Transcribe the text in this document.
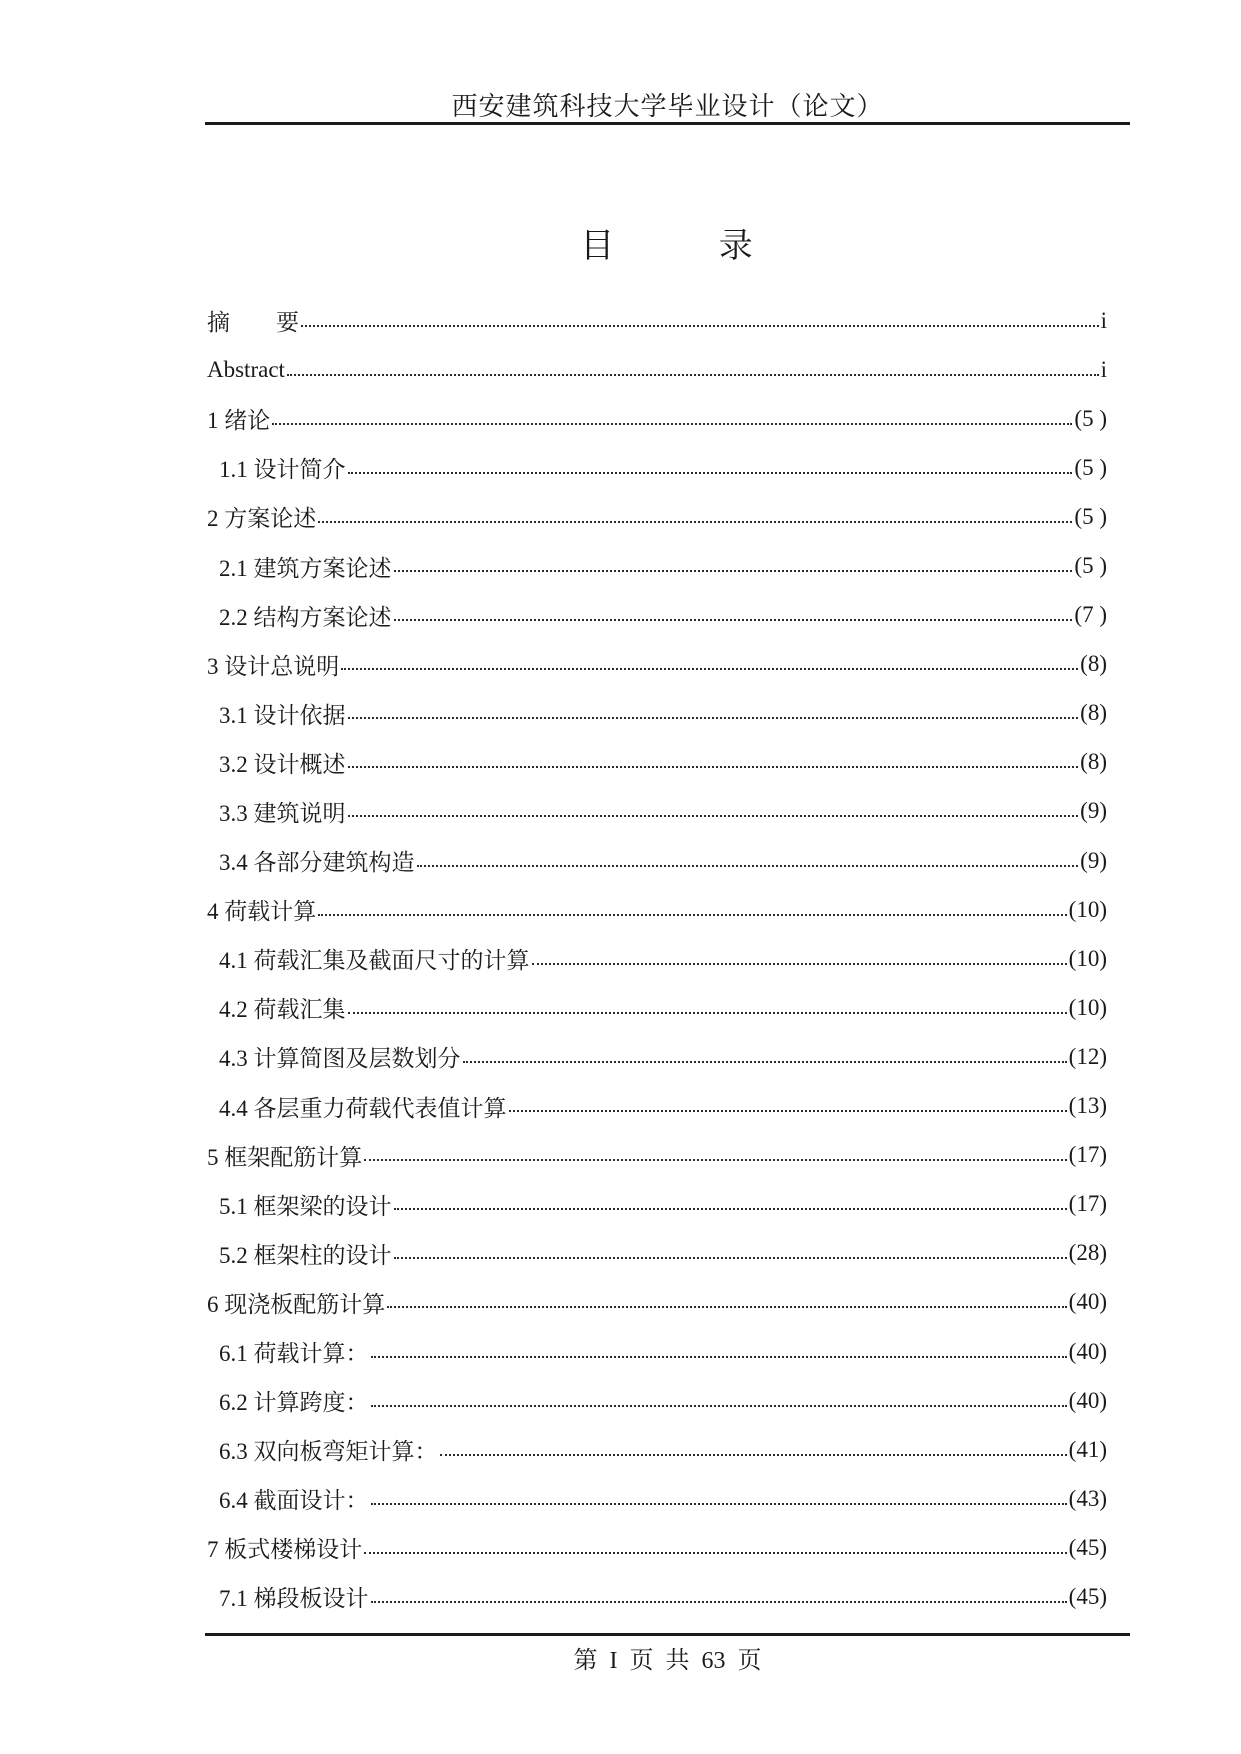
西安建筑科技大学毕业设计（论文）
目　 录
摘　　要	i
Abstract	i
1 绪论	(5 )
1.1 设计简介	(5 )
2 方案论述	(5 )
2.1 建筑方案论述	(5 )
2.2 结构方案论述	(7 )
3 设计总说明	(8)
3.1 设计依据	(8)
3.2 设计概述	(8)
3.3 建筑说明	(9)
3.4 各部分建筑构造	(9)
4 荷载计算	(10)
4.1 荷载汇集及截面尺寸的计算	(10)
4.2 荷载汇集	(10)
4.3 计算简图及层数划分	(12)
4.4 各层重力荷载代表值计算	(13)
5 框架配筋计算	(17)
5.1 框架梁的设计	(17)
5.2 框架柱的设计	(28)
6 现浇板配筋计算	(40)
6.1 荷载计算：	(40)
6.2 计算跨度：	(40)
6.3 双向板弯矩计算：	(41)
6.4 截面设计：	(43)
7 板式楼梯设计	(45)
7.1 梯段板设计	(45)
第 I 页 共 63 页
